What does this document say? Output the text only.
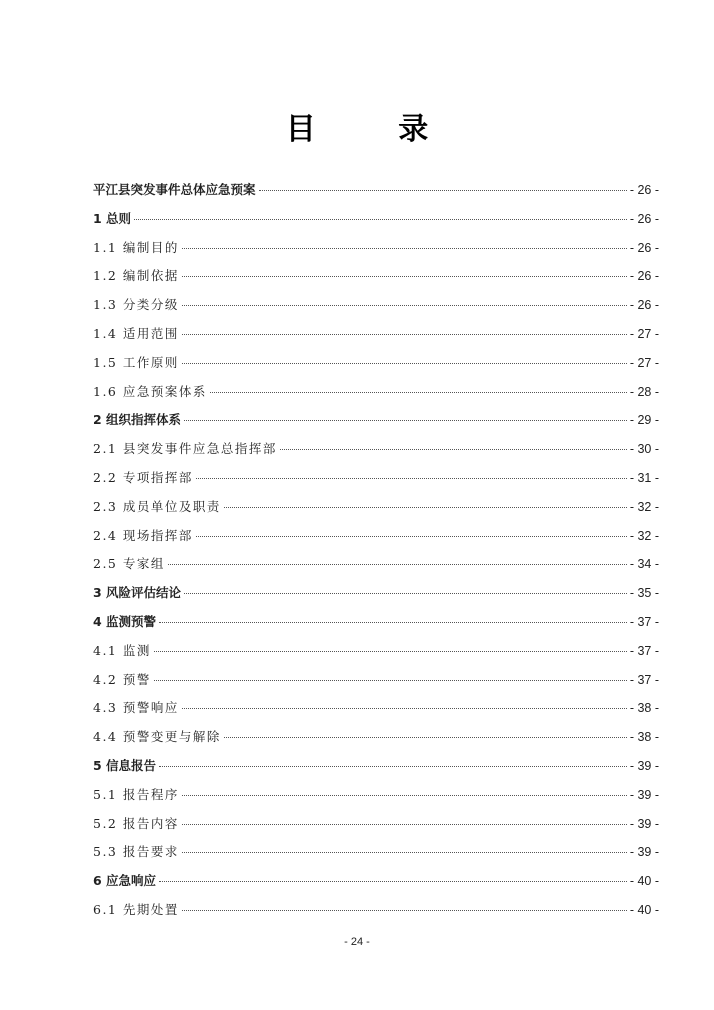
目 录
平江县突发事件总体应急预案	- 26 -
1 总则	- 26 -
1.1 编制目的	- 26 -
1.2 编制依据	- 26 -
1.3 分类分级	- 26 -
1.4 适用范围	- 27 -
1.5 工作原则	- 27 -
1.6 应急预案体系	- 28 -
2 组织指挥体系	- 29 -
2.1 县突发事件应急总指挥部	- 30 -
2.2 专项指挥部	- 31 -
2.3 成员单位及职责	- 32 -
2.4 现场指挥部	- 32 -
2.5 专家组	- 34 -
3 风险评估结论	- 35 -
4 监测预警	- 37 -
4.1 监测	- 37 -
4.2 预警	- 37 -
4.3 预警响应	- 38 -
4.4 预警变更与解除	- 38 -
5 信息报告	- 39 -
5.1 报告程序	- 39 -
5.2 报告内容	- 39 -
5.3 报告要求	- 39 -
6 应急响应	- 40 -
6.1 先期处置	- 40 -
- 24 -
